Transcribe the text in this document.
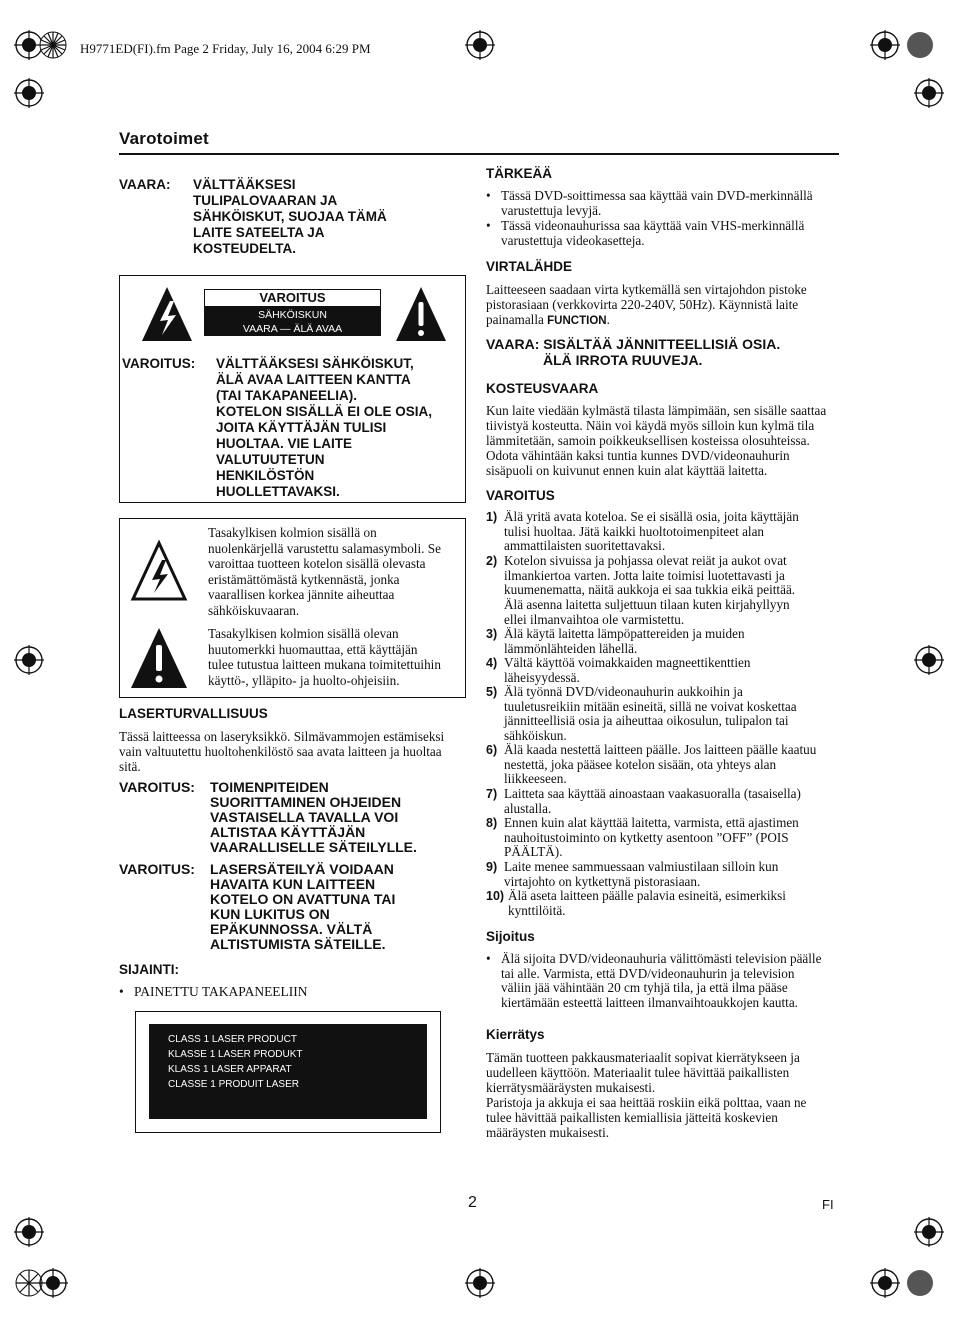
H9771ED(FI).fm Page 2 Friday, July 16, 2004 6:29 PM
Varotoimet
VAARA: VÄLTTÄÄKSESI
TULIPALOVAARAN JA
SÄHKÖISKUT, SUOJAA TÄMÄ
LAITE SATEELTA JA
KOSTEUDELTA.
VAROITUS
SÄHKÖISKUN
VAARA — ÄLÄ AVAA
VAROITUS: VÄLTTÄÄKSESI SÄHKÖISKUT,
ÄLÄ AVAA LAITTEEN KANTTA
(TAI TAKAPANEELIA).
KOTELON SISÄLLÄ EI OLE OSIA,
JOITA KÄYTTÄJÄN TULISI
HUOLTAA. VIE LAITE
VALUTUUTETUN
HENKILÖSTÖN
HUOLLETTAVAKSI.
Tasakylkisen kolmion sisällä on
nuolenkärjellä varustettu salamasymboli. Se
varoittaa tuotteen kotelon sisällä olevasta
eristämättömästä kytkennästä, jonka
vaarallisen korkea jännite aiheuttaa
sähköiskuvaaran.
Tasakylkisen kolmion sisällä olevan
huutomerkki huomauttaa, että käyttäjän
tulee tutustua laitteen mukana toimitettuihin
käyttö-, ylläpito- ja huolto-ohjeisiin.
LASERTURVALLISUUS
Tässä laitteessa on laseryksikkö. Silmävammojen estämiseksi
vain valtuutettu huoltohenkilöstö saa avata laitteen ja huoltaa
sitä.
VAROITUS: TOIMENPITEIDEN
SUORITTAMINEN OHJEIDEN
VASTAISELLA TAVALLA VOI
ALTISTAA KÄYTTÄJÄN
VAARALLISELLE SÄTEILYLLE.
VAROITUS: LASERSÄTEILYÄ VOIDAAN
HAVAITA KUN LAITTEEN
KOTELO ON AVATTUNA TAI
KUN LUKITUS ON
EPÄKUNNOSSA. VÄLTÄ
ALTISTUMISTA SÄTEILLE.
SIJAINTI:
• PAINETTU TAKAPANEELIIN
CLASS 1 LASER PRODUCT
KLASSE 1 LASER PRODUKT
KLASS 1 LASER APPARAT
CLASSE 1 PRODUIT LASER
TÄRKEÄÄ
• Tässä DVD-soittimessa saa käyttää vain DVD-merkinnällä
varustettuja levyjä.
• Tässä videonauhurissa saa käyttää vain VHS-merkinnällä
varustettuja videokasetteja.
VIRTALÄHDE
Laitteeseen saadaan virta kytkemällä sen virtajohdon pistoke
pistorasiaan (verkkovirta 220-240V, 50Hz). Käynnistä laite
painamalla FUNCTION.
VAARA: SISÄLTÄÄ JÄNNITTEELLISIÄ OSIA.
ÄLÄ IRROTA RUUVEJA.
KOSTEUSVAARA
Kun laite viedään kylmästä tilasta lämpimään, sen sisälle saattaa
tiivistyä kosteutta. Näin voi käydä myös silloin kun kylmä tila
lämmitetään, samoin poikkeuksellisen kosteissa olosuhteissa.
Odota vähintään kaksi tuntia kunnes DVD/videonauhurin
sisäpuoli on kuivunut ennen kuin alat käyttää laitetta.
VAROITUS
1) Älä yritä avata koteloa. Se ei sisällä osia, joita käyttäjän
tulisi huoltaa. Jätä kaikki huoltotoimenpiteet alan
ammattilaisten suoritettavaksi.
2) Kotelon sivuissa ja pohjassa olevat reiät ja aukot ovat
ilmankiertoa varten. Jotta laite toimisi luotettavasti ja
kuumenematta, näitä aukkoja ei saa tukkia eikä peittää.
Älä asenna laitetta suljettuun tilaan kuten kirjahyllyyn
ellei ilmanvaihtoa ole varmistettu.
3) Älä käytä laitetta lämpöpattereiden ja muiden
lämmönlähteiden lähellä.
4) Vältä käyttöä voimakkaiden magneettikenttien
läheisyydessä.
5) Älä työnnä DVD/videonauhurin aukkoihin ja
tuuletusreikiin mitään esineitä, sillä ne voivat koskettaa
jännitteellisiä osia ja aiheuttaa oikosulun, tulipalon tai
sähköiskun.
6) Älä kaada nestettä laitteen päälle. Jos laitteen päälle kaatuu
nestettä, joka pääsee kotelon sisään, ota yhteys alan
liikkeeseen.
7) Laitteta saa käyttää ainoastaan vaakasuoralla (tasaisella)
alustalla.
8) Ennen kuin alat käyttää laitetta, varmista, että ajastimen
nauhoitustoiminto on kytketty asentoon ”OFF” (POIS
PÄÄLTÄ).
9) Laite menee sammuessaan valmiustilaan silloin kun
virtajohto on kytkettynä pistorasiaan.
10) Älä aseta laitteen päälle palavia esineitä, esimerkiksi
kynttilöitä.
Sijoitus
• Älä sijoita DVD/videonauhuria välittömästi television päälle
tai alle. Varmista, että DVD/videonauhurin ja television
väliin jää vähintään 20 cm tyhjä tila, ja että ilma pääse
kiertämään esteettä laitteen ilmanvaihtoaukkojen kautta.
Kierrätys
Tämän tuotteen pakkausmateriaalit sopivat kierrätykseen ja
uudelleen käyttöön. Materiaalit tulee hävittää paikallisten
kierrätysmääräysten mukaisesti.
Paristoja ja akkuja ei saa heittää roskiin eikä polttaa, vaan ne
tulee hävittää paikallisten kemiallisia jätteitä koskevien
määräysten mukaisesti.
2	FI
